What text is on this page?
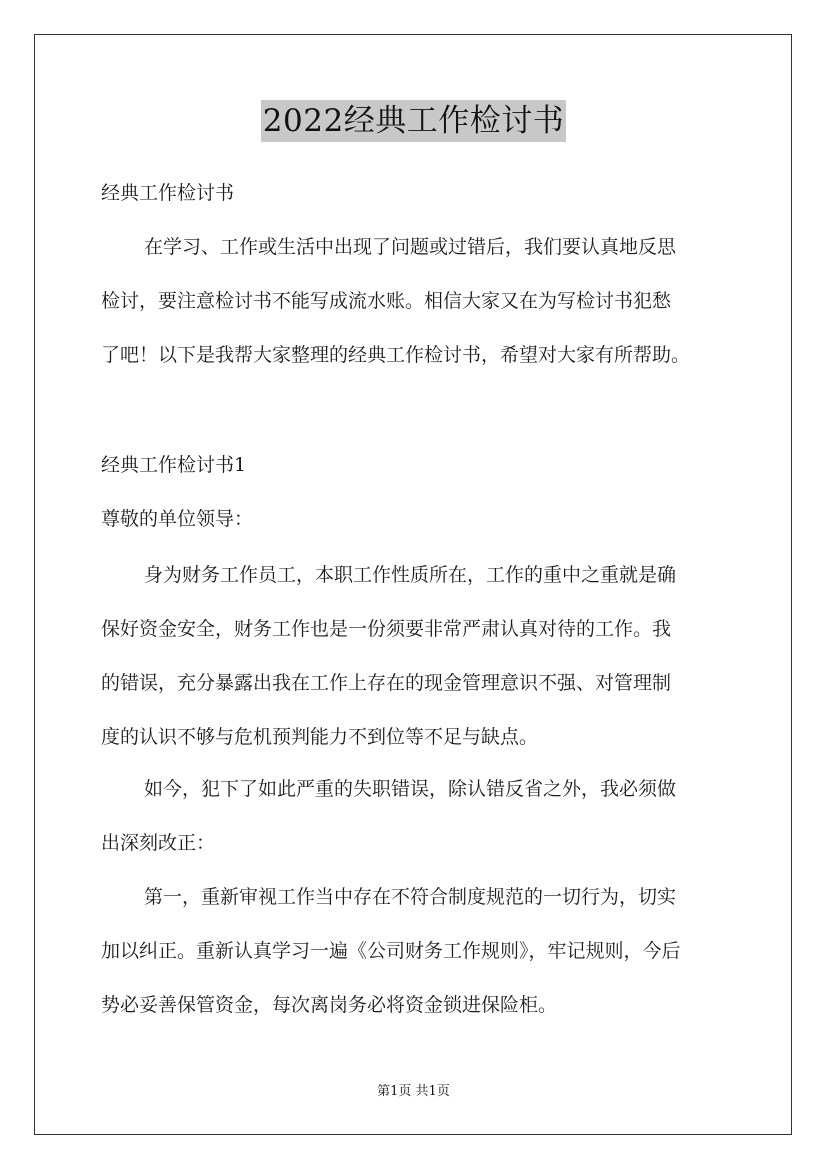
2022经典工作检讨书
经典工作检讨书
在学习、工作或生活中出现了问题或过错后，我们要认真地反思
检讨，要注意检讨书不能写成流水账。相信大家又在为写检讨书犯愁
了吧！以下是我帮大家整理的经典工作检讨书，希望对大家有所帮助。
经典工作检讨书1
尊敬的单位领导：
身为财务工作员工，本职工作性质所在，工作的重中之重就是确
保好资金安全，财务工作也是一份须要非常严肃认真对待的工作。我
的错误，充分暴露出我在工作上存在的现金管理意识不强、对管理制
度的认识不够与危机预判能力不到位等不足与缺点。
如今，犯下了如此严重的失职错误，除认错反省之外，我必须做
出深刻改正：
第一，重新审视工作当中存在不符合制度规范的一切行为，切实
加以纠正。重新认真学习一遍《公司财务工作规则》，牢记规则，今后
势必妥善保管资金，每次离岗务必将资金锁进保险柜。
第1页 共1页
